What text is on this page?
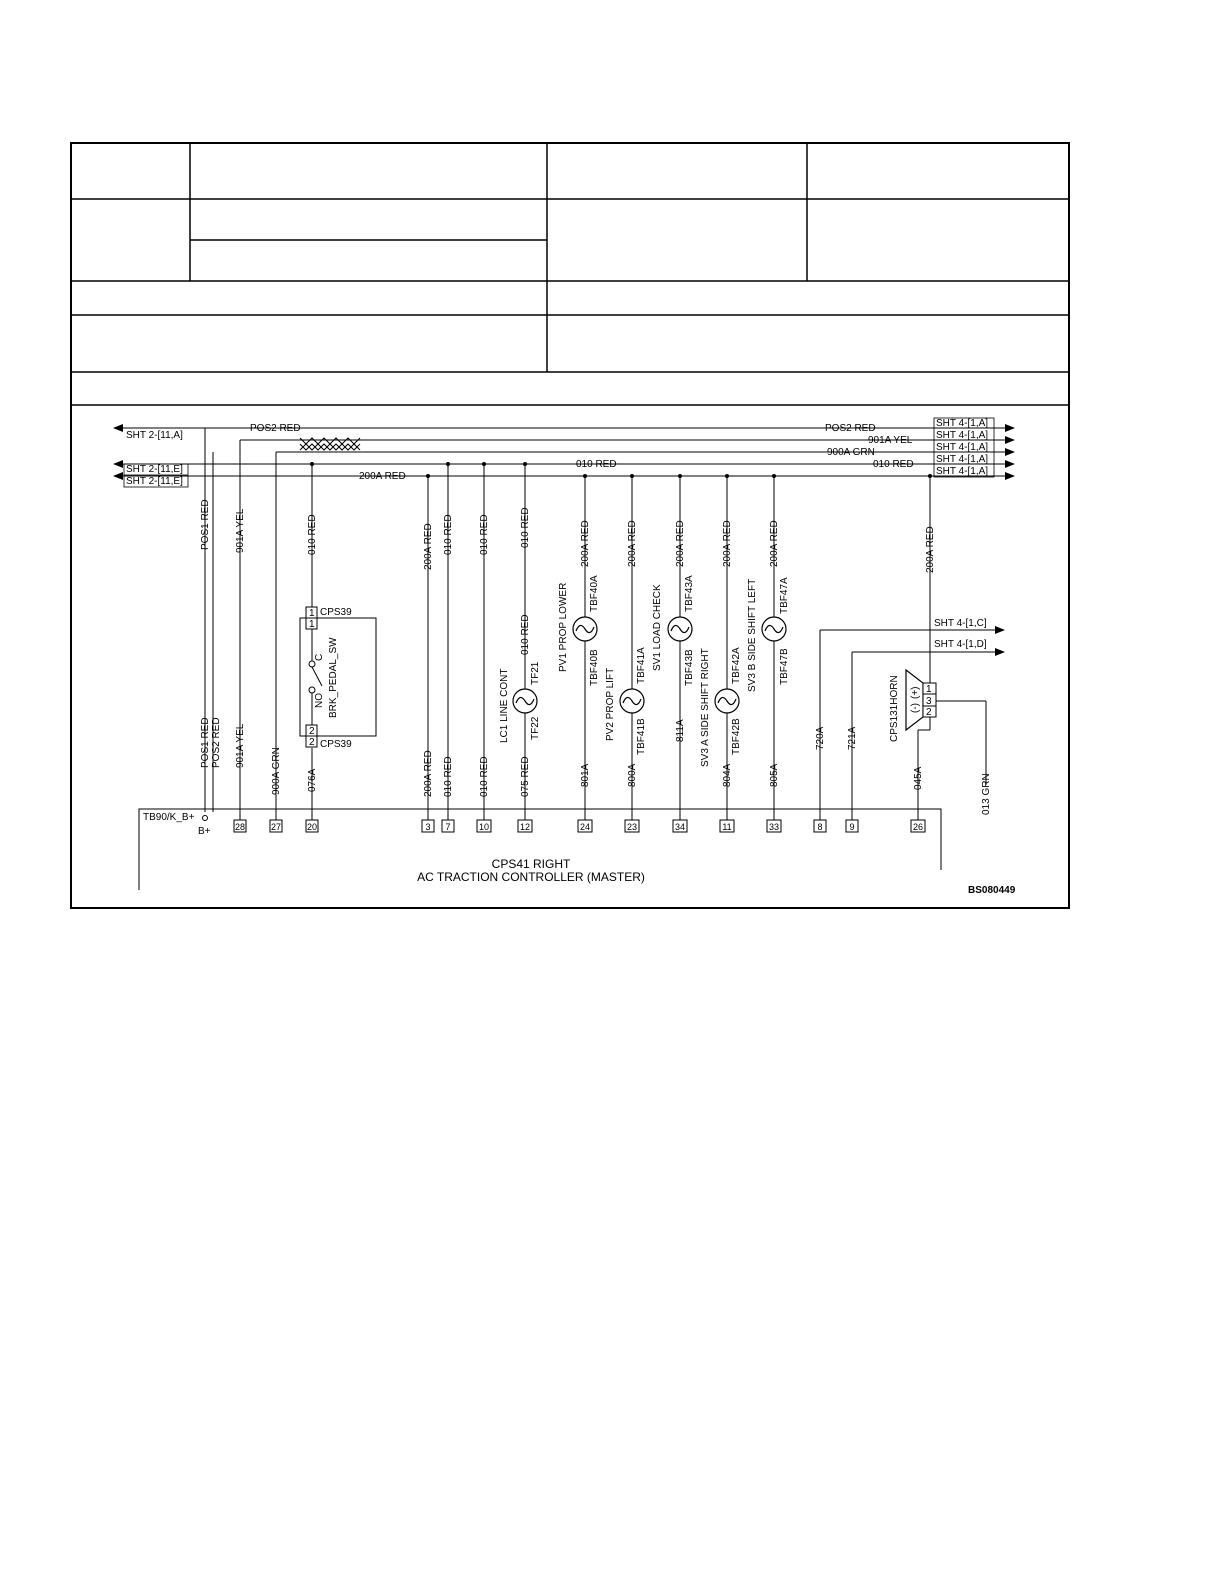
POS2 RED	POS2 RED
901A YEL
900A GRN
010 RED	010 RED
200A RED
SHT 2-[11,A]
SHT 2-[11,E]
SHT 2-[11,E]
SHT 4-[1,A]
SHT 4-[1,A]
SHT 4-[1,A]
SHT 4-[1,A]
SHT 4-[1,A]
POS1 RED 901A YEL	010 RED	200A RED 010 RED	010 RED	010 RED
010 RED
200A RED	200A RED	200A RED	200A RED	200A RED	200A RED
POS1 RED POS2 RED 901A YEL
900A GRN	076A	200A RED 010 RED	010 RED	075 RED	801A	800A
811A
804A	805A
720A 721A
045A	013 GRN
1
1
2
2
CPS39
CPS39
C
NO BRK_PEDAL_SW	LC1 LINE CONT TF21
TF22
PV1 PROP LOWER TBF40A
TBF40B
PV2 PROP LIFT
TBF41A
TBF41B
SV1 LOAD CHECK TBF43A
TBF43B SV3 A SIDE SHIFT RIGHT TBF42A
TBF42B
SV3 B SIDE SHIFT LEFT TBF47A
TBF47B
SHT 4-[1,C]
SHT 4-[1,D]
1
3
2
(+)
(-)
CPS131HORN
TB90/K_B+
B+
CPS41 RIGHT
AC TRACTION CONTROLLER (MASTER)
BS080449
28	27	20	3 7	10	12	24	23	34	11	33	8	9	26
